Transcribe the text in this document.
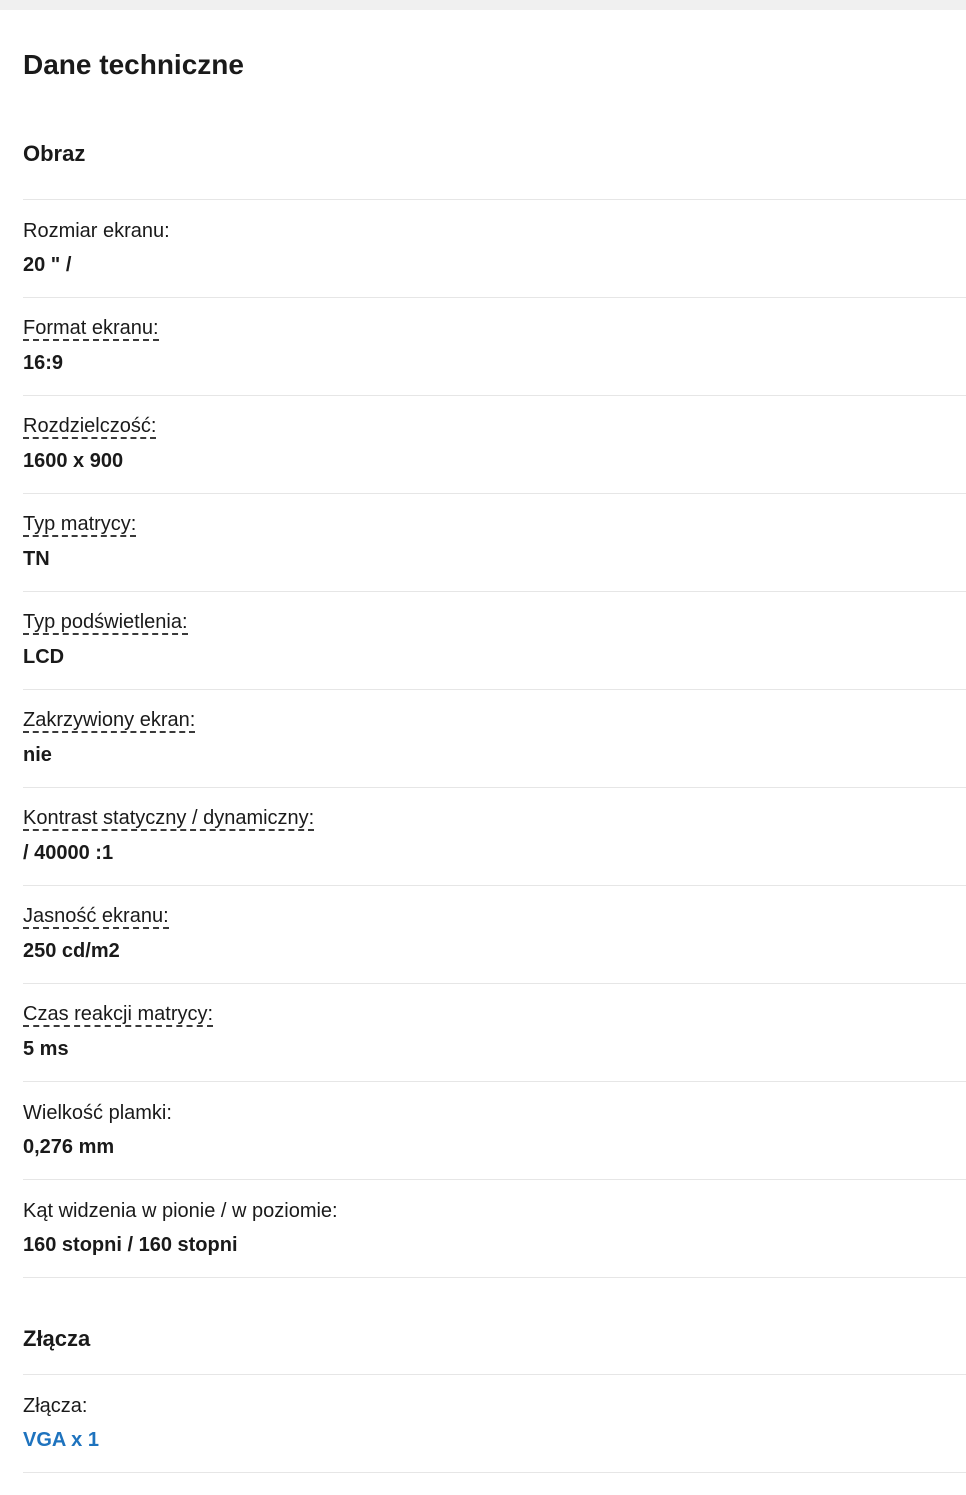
Dane techniczne
Obraz
Rozmiar ekranu:
20 " /
Format ekranu:
16:9
Rozdzielczość:
1600 x 900
Typ matrycy:
TN
Typ podświetlenia:
LCD
Zakrzywiony ekran:
nie
Kontrast statyczny / dynamiczny:
/ 40000 :1
Jasność ekranu:
250 cd/m2
Czas reakcji matrycy:
5 ms
Wielkość plamki:
0,276 mm
Kąt widzenia w pionie / w poziomie:
160 stopni / 160 stopni
Złącza
Złącza:
VGA x 1
